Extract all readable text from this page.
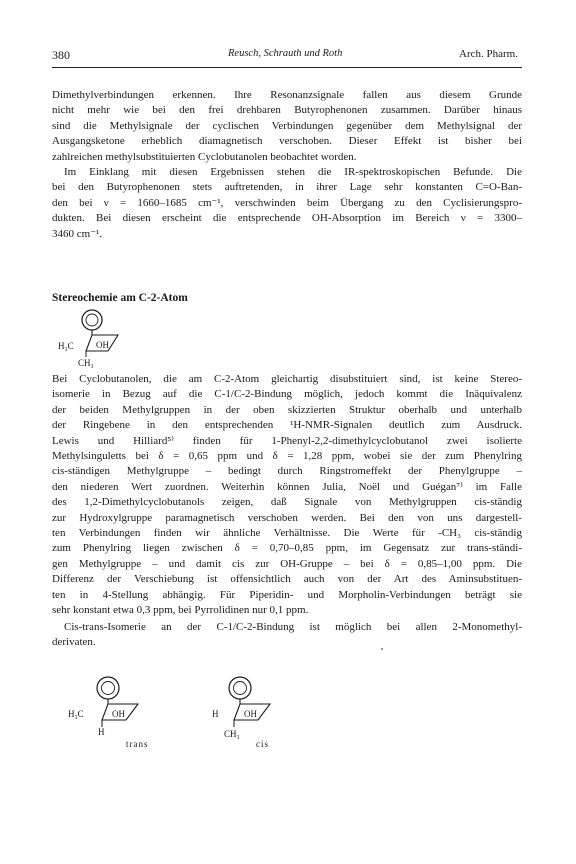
380	Reusch, Schrauth und Roth	Arch. Pharm.
Dimethylverbindungen erkennen. Ihre Resonanzsignale fallen aus diesem Grunde
nicht mehr wie bei den frei drehbaren Butyrophenonen zusammen. Darüber hinaus
sind die Methylsignale der cyclischen Verbindungen gegenüber dem Methylsignal der
Ausgangsketone erheblich diamagnetisch verschoben. Dieser Effekt ist bisher bei
zahlreichen methylsubstituierten Cyclobutanolen beobachtet worden.
Im Einklang mit diesen Ergebnissen stehen die IR-spektroskopischen Befunde. Die
bei den Butyrophenonen stets auftretenden, in ihrer Lage sehr konstanten C=O-Ban-
den bei ν = 1660–1685 cm⁻¹, verschwinden beim Übergang zu den Cyclisierungspro-
dukten. Bei diesen erscheint die entsprechende OH-Absorption im Bereich ν = 3300–
3460 cm⁻¹.

Stereochemie am C-2-Atom

H₃C OH
CH₃
Bei Cyclobutanolen, die am C-2-Atom gleichartig disubstituiert sind, ist keine Stereo-
isomerie in Bezug auf die C-1/C-2-Bindung möglich, jedoch kommt die Inäquivalenz
der beiden Methylgruppen in der oben skizzierten Struktur oberhalb und unterhalb
der Ringebene in den entsprechenden ¹H-NMR-Signalen deutlich zum Ausdruck.
Lewis und Hilliard⁵⁾ finden für 1-Phenyl-2,2-dimethylcyclobutanol zwei isolierte
Methylsinguletts bei δ = 0,65 ppm und δ = 1,28 ppm, wobei sie der zum Phenylring
cis-ständigen Methylgruppe – bedingt durch Ringstromeffekt der Phenylgruppe –
den niederen Wert zuordnen. Weiterhin können Julia, Noël und Guégan⁷⁾ im Falle
des 1,2-Dimethylcyclobutanols zeigen, daß Signale von Methylgruppen cis-ständig
zur Hydroxylgruppe paramagnetisch verschoben werden. Bei den von uns dargestell-
ten Verbindungen finden wir ähnliche Verhältnisse. Die Werte für -CH₃ cis-ständig
zum Phenylring liegen zwischen δ = 0,70–0,85 ppm, im Gegensatz zur trans-ständi-
gen Methylgruppe – und damit cis zur OH-Gruppe – bei δ = 0,85–1,00 ppm. Die
Differenz der Verschiebung ist offensichtlich auch von der Art des Aminsubstituen-
ten in 4-Stellung abhängig. Für Piperidin- und Morpholin-Verbindungen beträgt sie
sehr konstant etwa 0,3 ppm, bei Pyrrolidinen nur 0,1 ppm.
Cis-trans-Isomerie an der C-1/C-2-Bindung ist möglich bei allen 2-Monomethyl-
derivaten.
H₃C	OH
H
trans
H	OH
CH₃
cis
